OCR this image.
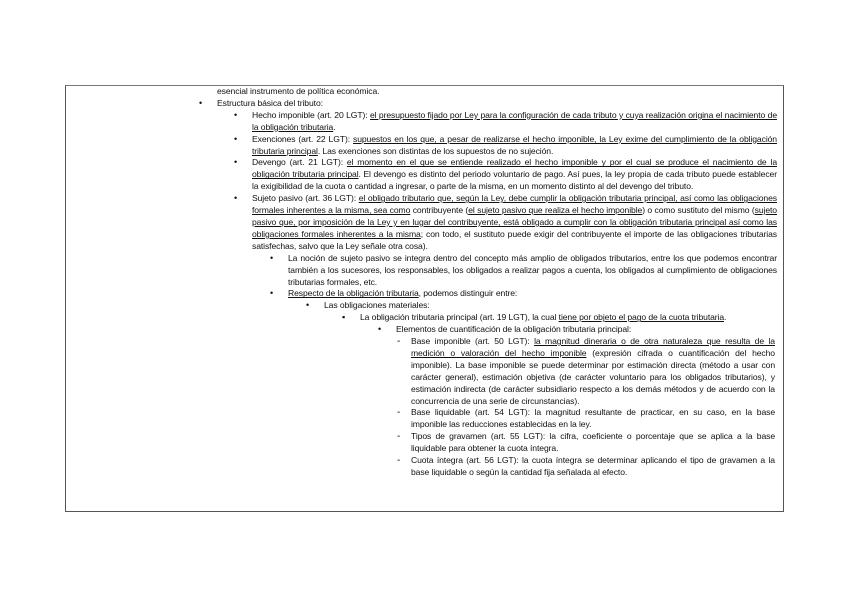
esencial instrumento de política económica.
• Estructura básica del tributo:
• Hecho imponible (art. 20 LGT): el presupuesto fijado por Ley para la configuración de cada tributo y cuya realización origina el nacimiento de la obligación tributaria.
• Exenciones (art. 22 LGT): supuestos en los que, a pesar de realizarse el hecho imponible, la Ley exime del cumplimiento de la obligación tributaria principal. Las exenciones son distintas de los supuestos de no sujeción.
• Devengo (art. 21 LGT): el momento en el que se entiende realizado el hecho imponible y por el cual se produce el nacimiento de la obligación tributaria principal. El devengo es distinto del periodo voluntario de pago. Así pues, la ley propia de cada tributo puede establecer la exigibilidad de la cuota o cantidad a ingresar, o parte de la misma, en un momento distinto al del devengo del tributo.
• Sujeto pasivo (art. 36 LGT): el obligado tributario que, según la Ley, debe cumplir la obligación tributaria principal, así como las obligaciones formales inherentes a la misma, sea como contribuyente (el sujeto pasivo que realiza el hecho imponible) o como sustituto del mismo (sujeto pasivo que, por imposición de la Ley y en lugar del contribuyente, está obligado a cumplir con la obligación tributaria principal así como las obligaciones formales inherentes a la misma; con todo, el sustituto puede exigir del contribuyente el importe de las obligaciones tributarias satisfechas, salvo que la Ley señale otra cosa).
• La noción de sujeto pasivo se integra dentro del concepto más amplio de obligados tributarios, entre los que podemos encontrar también a los sucesores, los responsables, los obligados a realizar pagos a cuenta, los obligados al cumplimiento de obligaciones tributarias formales, etc.
• Respecto de la obligación tributaria, podemos distinguir entre:
• Las obligaciones materiales:
▪ La obligación tributaria principal (art. 19 LGT), la cual tiene por objeto el pago de la cuota tributaria.
• Elementos de cuantificación de la obligación tributaria principal:
- Base imponible (art. 50 LGT): la magnitud dineraria o de otra naturaleza que resulta de la medición o valoración del hecho imponible (expresión cifrada o cuantificación del hecho imponible). La base imponible se puede determinar por estimación directa (método a usar con carácter general), estimación objetiva (de carácter voluntario para los obligados tributarios), y estimación indirecta (de carácter subsidiario respecto a los demás métodos y de acuerdo con la concurrencia de una serie de circunstancias).
- Base liquidable (art. 54 LGT): la magnitud resultante de practicar, en su caso, en la base imponible las reducciones establecidas en la ley.
- Tipos de gravamen (art. 55 LGT): la cifra, coeficiente o porcentaje que se aplica a la base liquidable para obtener la cuota íntegra.
- Cuota íntegra (art. 56 LGT): la cuota íntegra se determinar aplicando el tipo de gravamen a la base liquidable o según la cantidad fija señalada al efecto.
